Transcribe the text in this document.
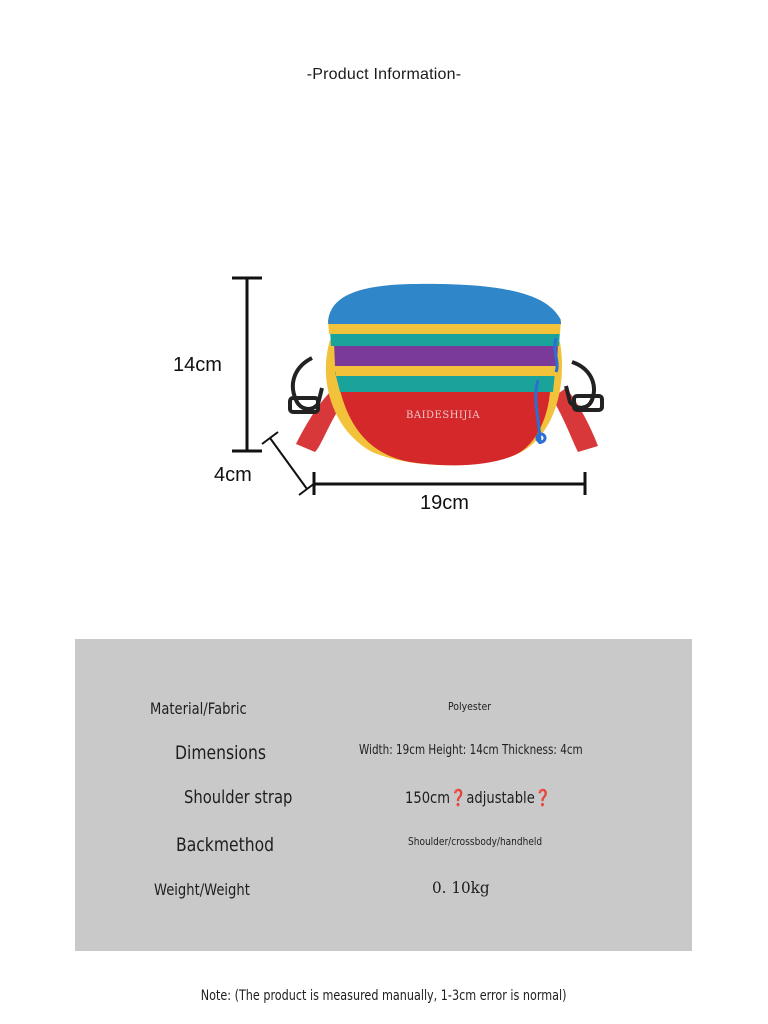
-Product Information-
BAIDESHIJIA
14cm
4cm
19cm
Material/Fabric	Polyester
Dimensions	Width: 19cm Height: 14cm Thickness: 4cm
Shoulder strap	150cm❓adjustable❓
Backmethod	Shoulder/crossbody/handheld
Weight/Weight	0. 10kg
Note: (The product is measured manually, 1-3cm error is normal)
